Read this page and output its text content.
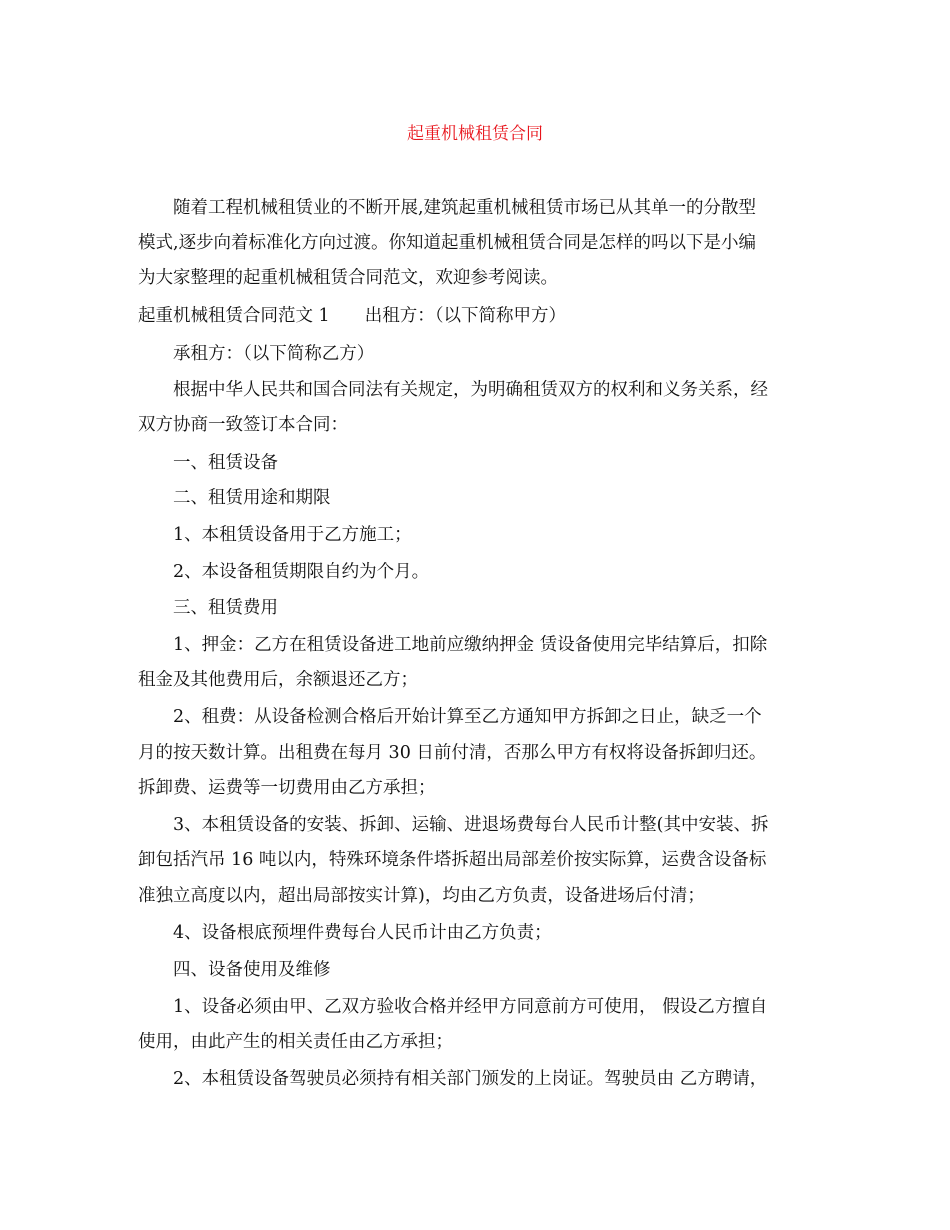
起重机械租赁合同
随着工程机械租赁业的不断开展,建筑起重机械租赁市场已从其单一的分散型
模式,逐步向着标准化方向过渡。你知道起重机械租赁合同是怎样的吗以下是小编
为大家整理的起重机械租赁合同范文，欢迎参考阅读。
起重机械租赁合同范文 1　　出租方：（以下简称甲方）
承租方：（以下简称乙方）
根据中华人民共和国合同法有关规定，为明确租赁双方的权利和义务关系，经
双方协商一致签订本合同：
一、租赁设备
二、租赁用途和期限
1、本租赁设备用于乙方施工；
2、本设备租赁期限自约为个月。
三、租赁费用
1、押金：乙方在租赁设备进工地前应缴纳押金 赁设备使用完毕结算后，扣除
租金及其他费用后，余额退还乙方；
2、租费：从设备检测合格后开始计算至乙方通知甲方拆卸之日止，缺乏一个
月的按天数计算。出租费在每月 30 日前付清，否那么甲方有权将设备拆卸归还。
拆卸费、运费等一切费用由乙方承担；
3、本租赁设备的安装、拆卸、运输、进退场费每台人民币计整(其中安装、拆
卸包括汽吊 16 吨以内，特殊环境条件塔拆超出局部差价按实际算，运费含设备标
准独立高度以内，超出局部按实计算)，均由乙方负责，设备进场后付清；
4、设备根底预埋件费每台人民币计由乙方负责；
四、设备使用及维修
1、设备必须由甲、乙双方验收合格并经甲方同意前方可使用， 假设乙方擅自
使用，由此产生的相关责任由乙方承担；
2、本租赁设备驾驶员必须持有相关部门颁发的上岗证。驾驶员由 乙方聘请，
